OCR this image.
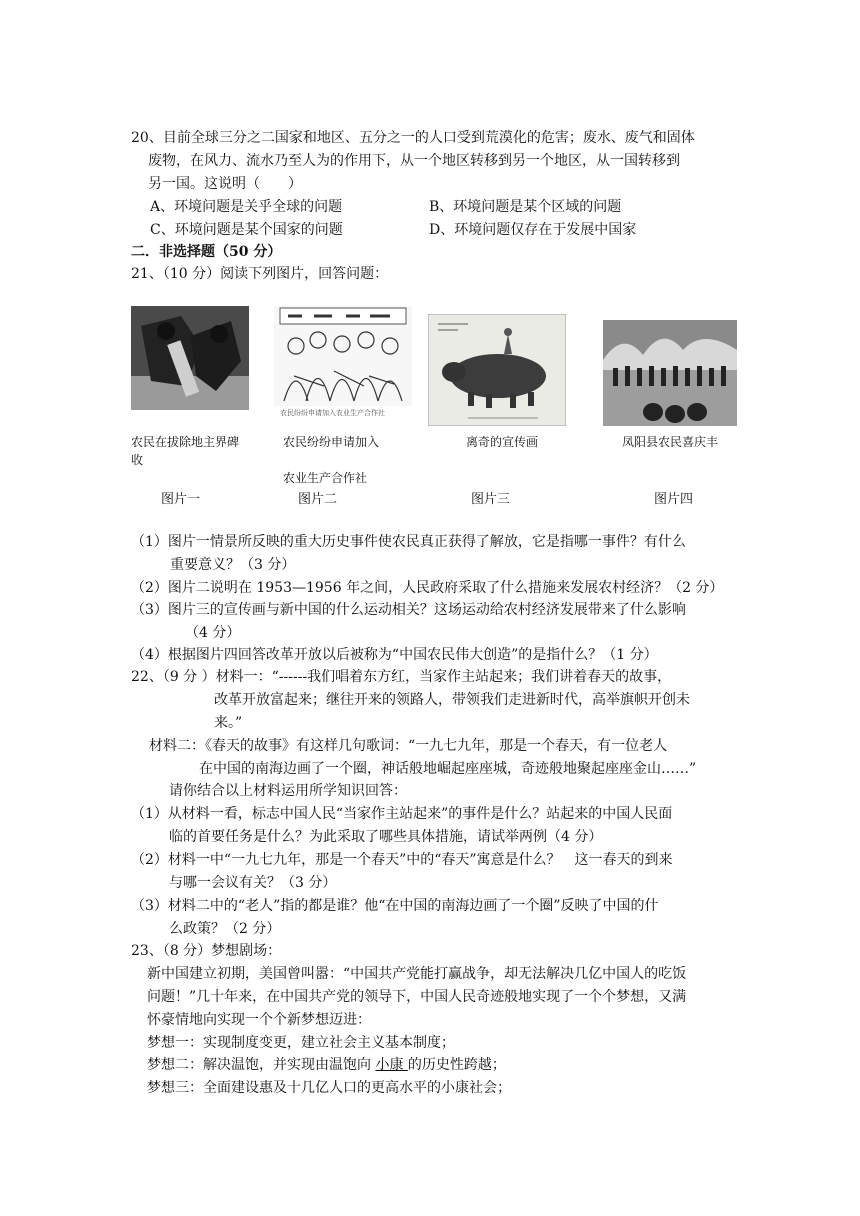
20、目前全球三分之二国家和地区、五分之一的人口受到荒漠化的危害；废水、废气和固体
废物，在风力、流水乃至人为的作用下，从一个地区转移到另一个地区，从一国转移到
另一国。这说明（　　）
A、环境问题是关乎全球的问题	B、环境问题是某个区域的问题
C、环境问题是某个国家的问题	D、环境问题仅存在于发展中国家
二．非选择题（50 分）
21、（10 分）阅读下列图片，回答问题：
农民在拔除地主界碑
收
图片一
农民纷纷申请加入农业生产合作社
农民纷纷申请加入
农业生产合作社
图片二
离奇的宣传画
图片三
凤阳县农民喜庆丰
图片四
（1）图片一情景所反映的重大历史事件使农民真正获得了解放，它是指哪一事件？有什么
重要意义？（3 分）
（2）图片二说明在 1953—1956 年之间，人民政府采取了什么措施来发展农村经济？（2 分）
（3）图片三的宣传画与新中国的什么运动相关？这场运动给农村经济发展带来了什么影响
（4 分）
（4）根据图片四回答改革开放以后被称为“中国农民伟大创造”的是指什么？（1 分）
22、（9 分 ）材料一：“------我们唱着东方红，当家作主站起来；我们讲着春天的故事，
改革开放富起来；继往开来的领路人，带领我们走进新时代，高举旗帜开创未
来。”
材料二：《春天的故事》有这样几句歌词：“一九七九年，那是一个春天，有一位老人
在中国的南海边画了一个圈，神话般地崛起座座城，奇迹般地聚起座座金山……”
请你结合以上材料运用所学知识回答：
（1）从材料一看，标志中国人民“当家作主站起来”的事件是什么？站起来的中国人民面
临的首要任务是什么？为此采取了哪些具体措施，请试举两例（4 分）
（2）材料一中“一九七九年，那是一个春天”中的“春天”寓意是什么？　这一春天的到来
与哪一会议有关？（3 分）
（3）材料二中的“老人”指的都是谁？他“在中国的南海边画了一个圈”反映了中国的什
么政策？（2 分）
23、（8 分）梦想剧场：
新中国建立初期，美国曾叫嚣：“中国共产党能打赢战争，却无法解决几亿中国人的吃饭
问题！”几十年来，在中国共产党的领导下，中国人民奇迹般地实现了一个个梦想，又满
怀豪情地向实现一个个新梦想迈进：
梦想一：实现制度变更，建立社会主义基本制度；
梦想二：解决温饱，并实现由温饱向 小康 的历史性跨越；
梦想三：全面建设惠及十几亿人口的更高水平的小康社会；
